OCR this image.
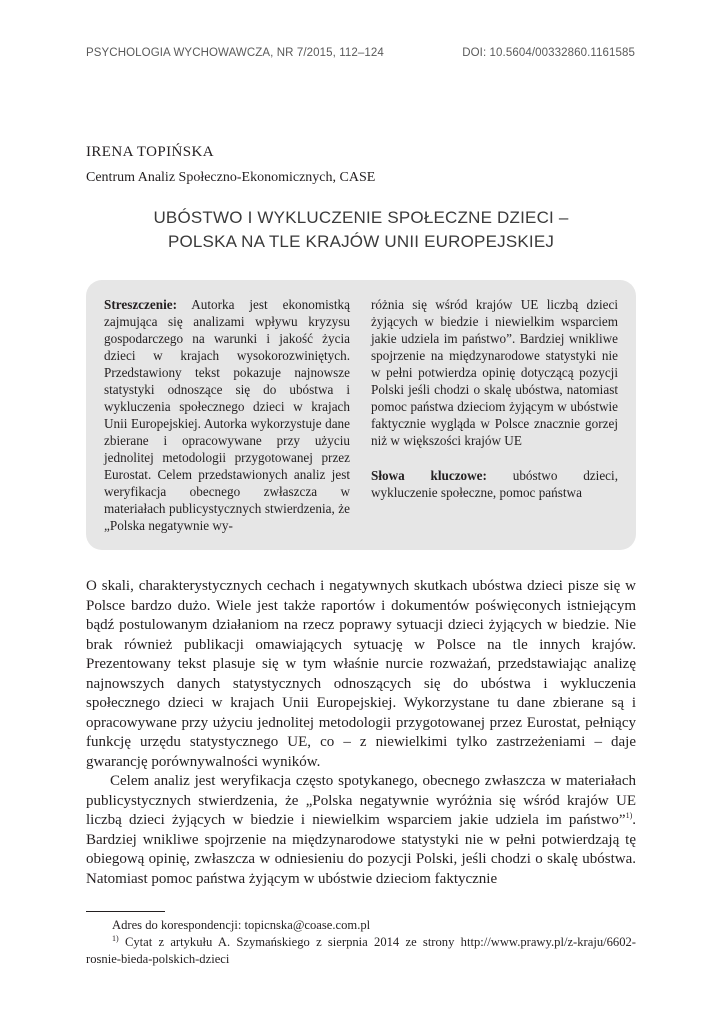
PSYCHOLOGIA WYCHOWAWCZA, NR 7/2015, 112–124	DOI: 10.5604/00332860.1161585
IRENA TOPIŃSKA
Centrum Analiz Społeczno-Ekonomicznych, CASE
UBÓSTWO I WYKLUCZENIE SPOŁECZNE DZIECI –
POLSKA NA TLE KRAJÓW UNII EUROPEJSKIEJ
Streszczenie: Autorka jest ekonomistką zajmująca się analizami wpływu kryzysu gospodarczego na warunki i jakość życia dzieci w krajach wysokorozwiniętych. Przedstawiony tekst pokazuje najnowsze statystyki odnoszące się do ubóstwa i wykluczenia społecznego dzieci w krajach Unii Europejskiej. Autorka wykorzystuje dane zbierane i opracowywane przy użyciu jednolitej metodologii przygotowanej przez Eurostat. Celem przedstawionych analiz jest weryfikacja obecnego zwłaszcza w materiałach publicystycznych stwierdzenia, że „Polska negatywnie wy-
różnia się wśród krajów UE liczbą dzieci żyjących w biedzie i niewielkim wsparciem jakie udziela im państwo”. Bardziej wnikliwe spojrzenie na międzynarodowe statystyki nie w pełni potwierdza opinię dotyczącą pozycji Polski jeśli chodzi o skalę ubóstwa, natomiast pomoc państwa dzieciom żyjącym w ubóstwie faktycznie wygląda w Polsce znacznie gorzej niż w większości krajów UE
Słowa kluczowe: ubóstwo dzieci, wykluczenie społeczne, pomoc państwa

O skali, charakterystycznych cechach i negatywnych skutkach ubóstwa dzieci pisze się w Polsce bardzo dużo. Wiele jest także raportów i dokumentów poświęconych istniejącym bądź postulowanym działaniom na rzecz poprawy sytuacji dzieci żyjących w biedzie. Nie brak również publikacji omawiających sytuację w Polsce na tle innych krajów. Prezentowany tekst plasuje się w tym właśnie nurcie rozważań, przedstawiając analizę najnowszych danych statystycznych odnoszących się do ubóstwa i wykluczenia społecznego dzieci w krajach Unii Europejskiej. Wykorzystane tu dane zbierane są i opracowywane przy użyciu jednolitej metodologii przygotowanej przez Eurostat, pełniący funkcję urzędu statystycznego UE, co – z niewielkimi tylko zastrzeżeniami – daje gwarancję porównywalności wyników.

Celem analiz jest weryfikacja często spotykanego, obecnego zwłaszcza w materiałach publicystycznych stwierdzenia, że „Polska negatywnie wyróżnia się wśród krajów UE liczbą dzieci żyjących w biedzie i niewielkim wsparciem jakie udziela im państwo”$^{1)}$. Bardziej wnikliwe spojrzenie na międzynarodowe statystyki nie w pełni potwierdzają tę obiegową opinię, zwłaszcza w odniesieniu do pozycji Polski, jeśli chodzi o skalę ubóstwa. Natomiast pomoc państwa żyjącym w ubóstwie dzieciom faktycznie

Adres do korespondencji: topicnska@coase.com.pl
$^{1)}$ Cytat z artykułu A. Szymańskiego z sierpnia 2014 ze strony http://www.prawy.pl/z-kraju/6602-rosnie-bieda-polskich-dzieci
